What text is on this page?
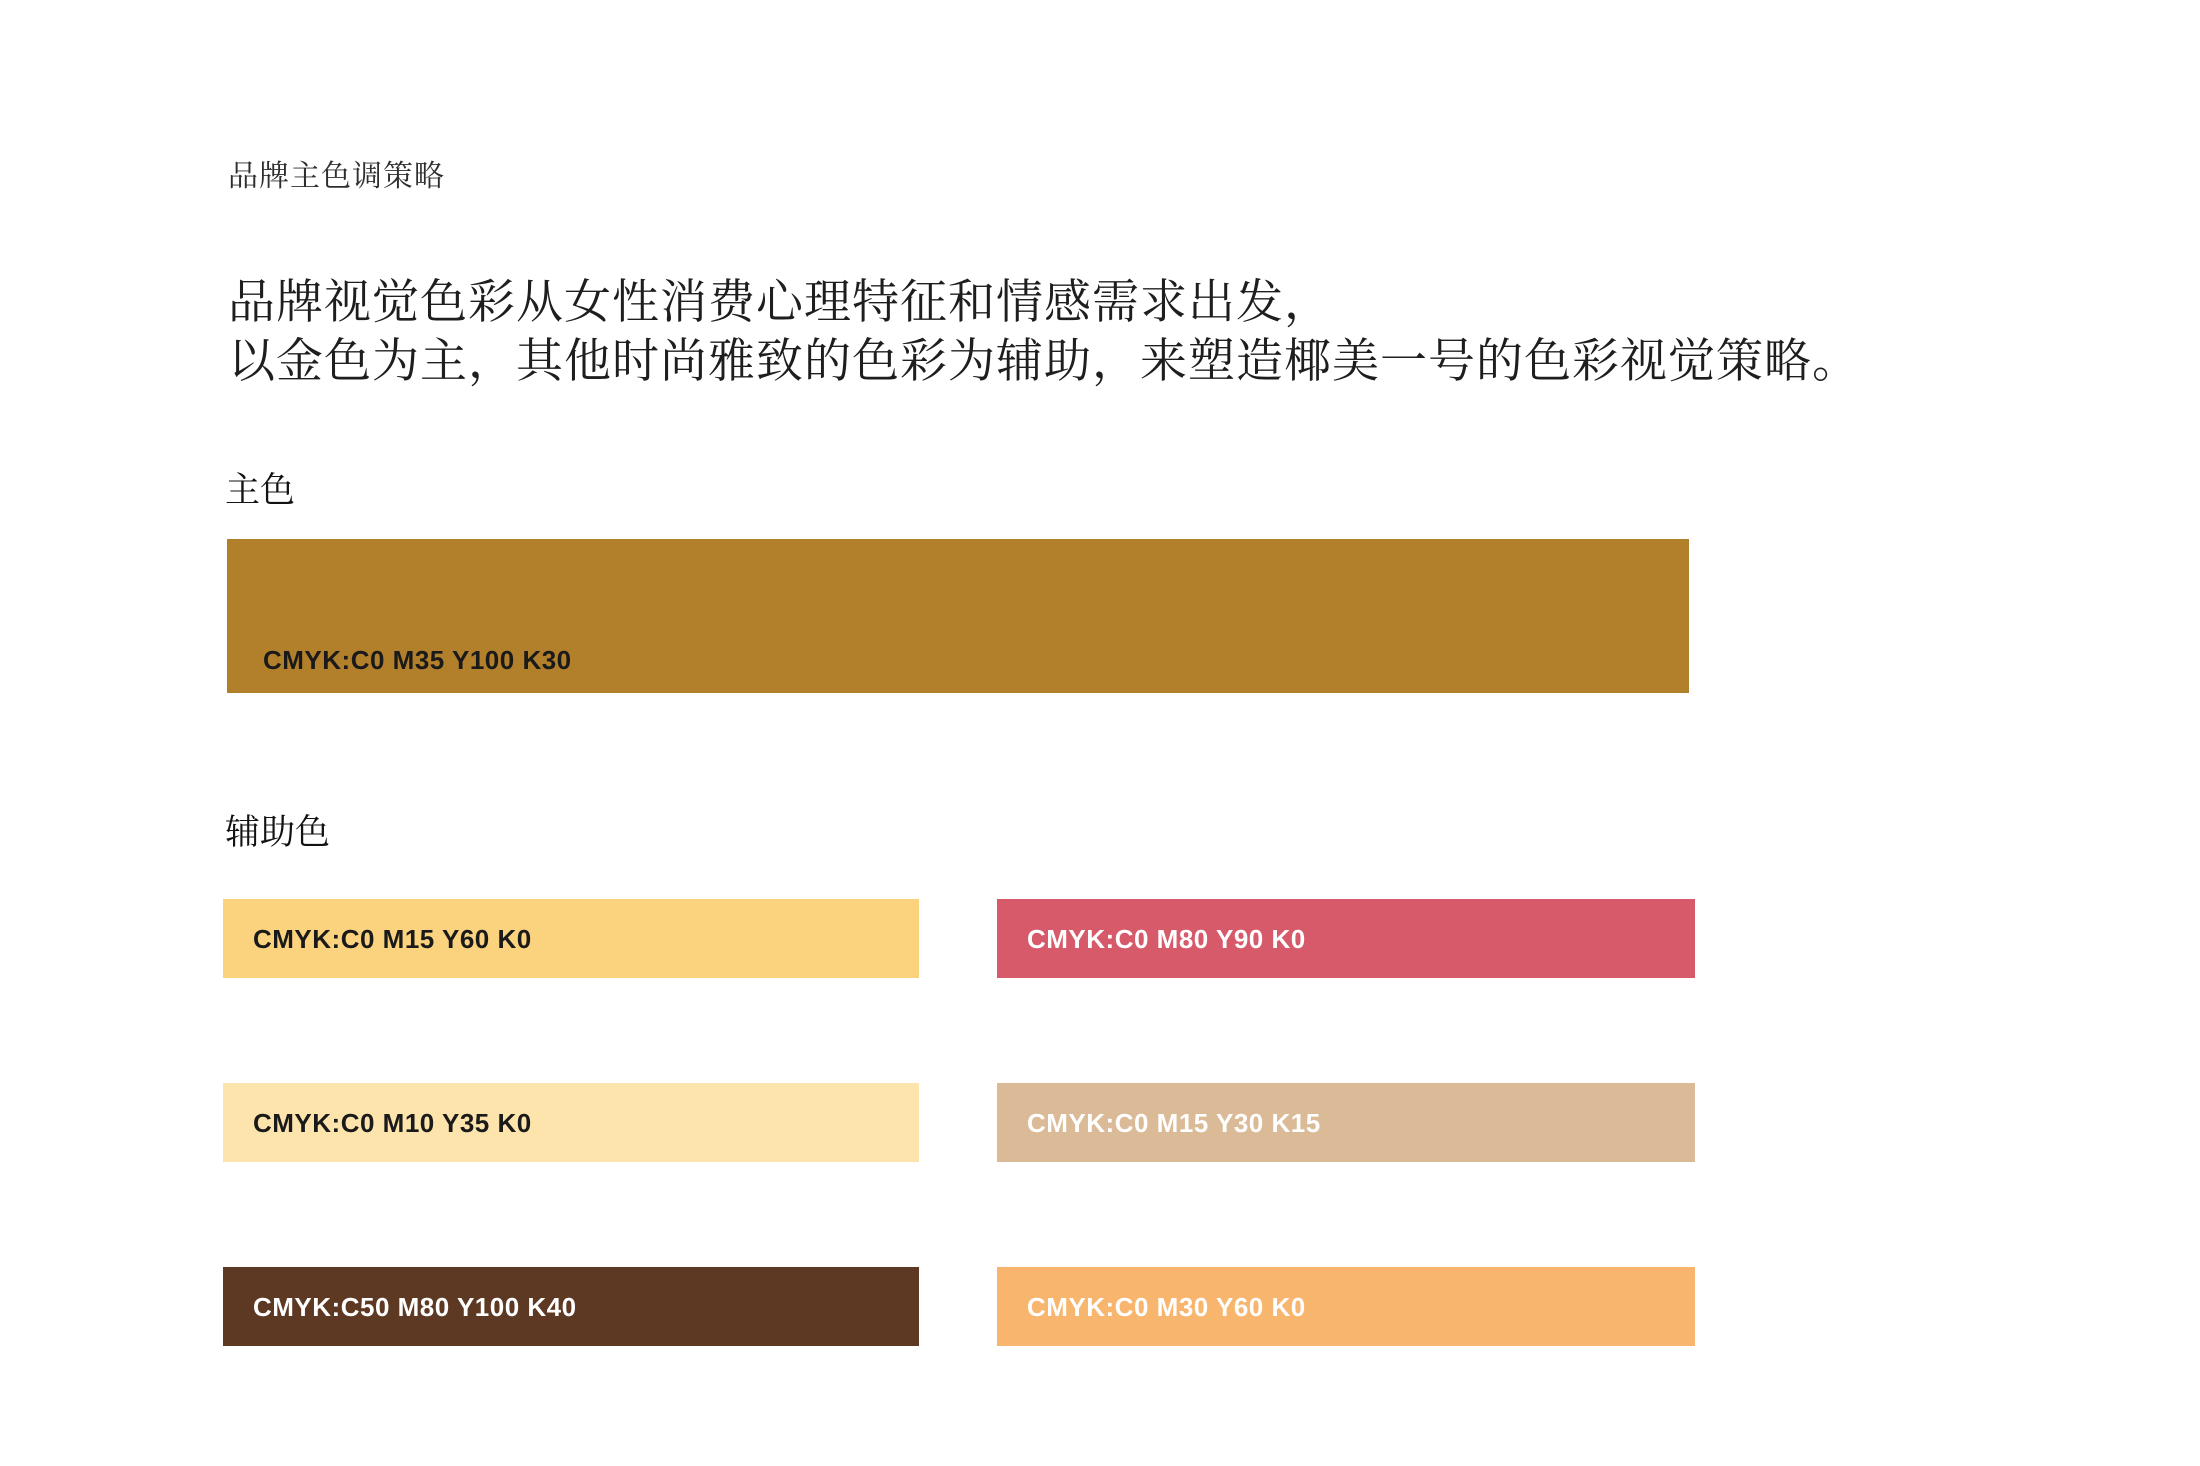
品牌主色调策略
品牌视觉色彩从女性消费心理特征和情感需求出发，
以金色为主，其他时尚雅致的色彩为辅助，来塑造椰美一号的色彩视觉策略。
主色
CMYK:C0 M35 Y100 K30
辅助色
CMYK:C0 M15 Y60 K0	CMYK:C0 M80 Y90 K0
CMYK:C0 M10 Y35 K0	CMYK:C0 M15 Y30 K15
CMYK:C50 M80 Y100 K40	CMYK:C0 M30 Y60 K0
